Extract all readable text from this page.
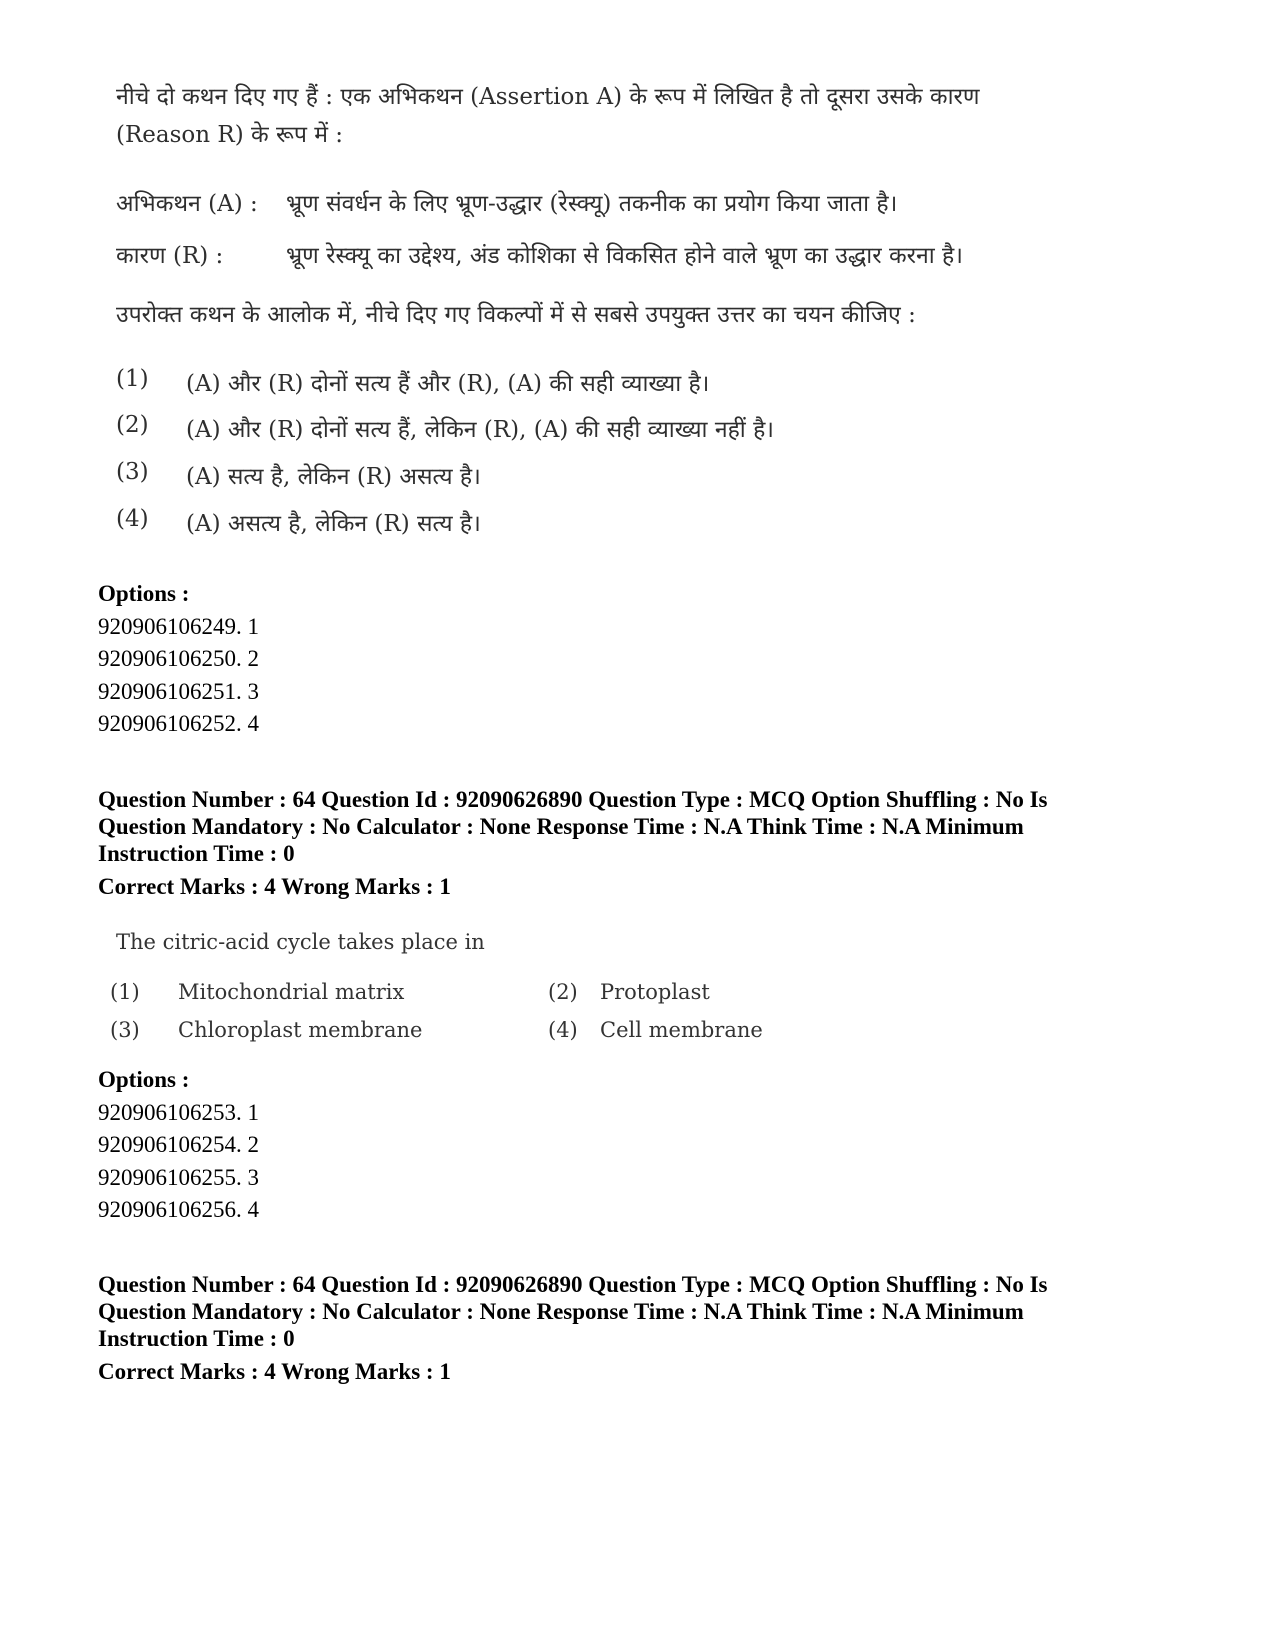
नीचे दो कथन दिए गए हैं : एक अभिकथन (Assertion A) के रूप में लिखित है तो दूसरा उसके कारण
(Reason R) के रूप में :
अभिकथन (A) : भ्रूण संवर्धन के लिए भ्रूण-उद्धार (रेस्क्यू) तकनीक का प्रयोग किया जाता है।
कारण (R) :	भ्रूण रेस्क्यू का उद्देश्य, अंड कोशिका से विकसित होने वाले भ्रूण का उद्धार करना है।
उपरोक्त कथन के आलोक में, नीचे दिए गए विकल्पों में से सबसे उपयुक्त उत्तर का चयन कीजिए :
(1) (A) और (R) दोनों सत्य हैं और (R), (A) की सही व्याख्या है।
(2) (A) और (R) दोनों सत्य हैं, लेकिन (R), (A) की सही व्याख्या नहीं है।
(3) (A) सत्य है, लेकिन (R) असत्य है।
(4) (A) असत्य है, लेकिन (R) सत्य है।
Options :
920906106249. 1
920906106250. 2
920906106251. 3
920906106252. 4
Question Number : 64 Question Id : 92090626890 Question Type : MCQ Option Shuffling : No Is
Question Mandatory : No Calculator : None Response Time : N.A Think Time : N.A Minimum
Instruction Time : 0
Correct Marks : 4 Wrong Marks : 1
The citric-acid cycle takes place in
(1) Mitochondrial matrix	(2) Protoplast
(3) Chloroplast membrane	(4) Cell membrane
Options :
920906106253. 1
920906106254. 2
920906106255. 3
920906106256. 4
Question Number : 64 Question Id : 92090626890 Question Type : MCQ Option Shuffling : No Is
Question Mandatory : No Calculator : None Response Time : N.A Think Time : N.A Minimum
Instruction Time : 0
Correct Marks : 4 Wrong Marks : 1
